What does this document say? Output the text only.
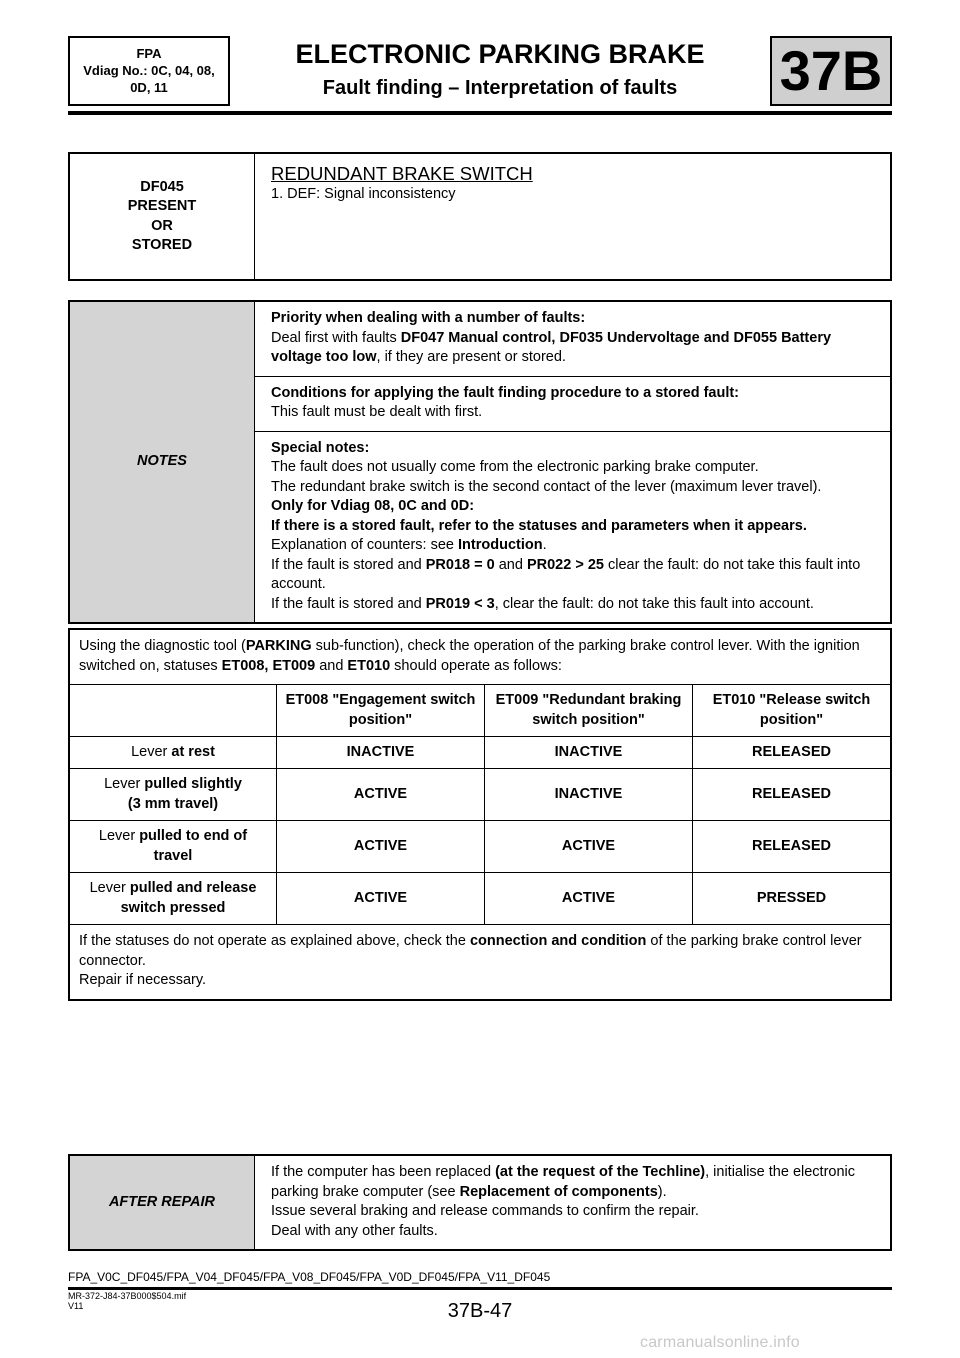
FPA
Vdiag No.: 0C, 04, 08,
0D, 11
ELECTRONIC PARKING BRAKE
Fault finding – Interpretation of faults	37B
DF045
PRESENT
OR
STORED

REDUNDANT BRAKE SWITCH
1. DEF: Signal inconsistency
NOTES	Priority when dealing with a number of faults:
Deal first with faults DF047 Manual control, DF035 Undervoltage and DF055 Battery voltage too low, if they are present or stored.
Conditions for applying the fault finding procedure to a stored fault:
This fault must be dealt with first.
Special notes:
The fault does not usually come from the electronic parking brake computer.
The redundant brake switch is the second contact of the lever (maximum lever travel).
Only for Vdiag 08, 0C and 0D:
If there is a stored fault, refer to the statuses and parameters when it appears.
Explanation of counters: see Introduction.
If the fault is stored and PR018 = 0 and PR022 > 25 clear the fault: do not take this fault into account.
If the fault is stored and PR019 < 3, clear the fault: do not take this fault into account.
Using the diagnostic tool (PARKING sub-function), check the operation of the parking brake control lever. With the ignition switched on, statuses ET008, ET009 and ET010 should operate as follows:			
	ET008 "Engagement switch position"	ET009 "Redundant braking switch position"	ET010 "Release switch position"
Lever at rest	INACTIVE	INACTIVE	RELEASED
Lever pulled slightly (3 mm travel)	ACTIVE	INACTIVE	RELEASED
Lever pulled to end of travel	ACTIVE	ACTIVE	RELEASED
Lever pulled and release switch pressed	ACTIVE	ACTIVE	PRESSED
If the statuses do not operate as explained above, check the connection and condition of the parking brake control lever connector.
Repair if necessary.			
AFTER REPAIR	If the computer has been replaced (at the request of the Techline), initialise the electronic parking brake computer (see Replacement of components).
Issue several braking and release commands to confirm the repair.
Deal with any other faults.
FPA_V0C_DF045/FPA_V04_DF045/FPA_V08_DF045/FPA_V0D_DF045/FPA_V11_DF045
MR-372-J84-37B000$504.mif
V11	37B-47
carmanualsonline.info
